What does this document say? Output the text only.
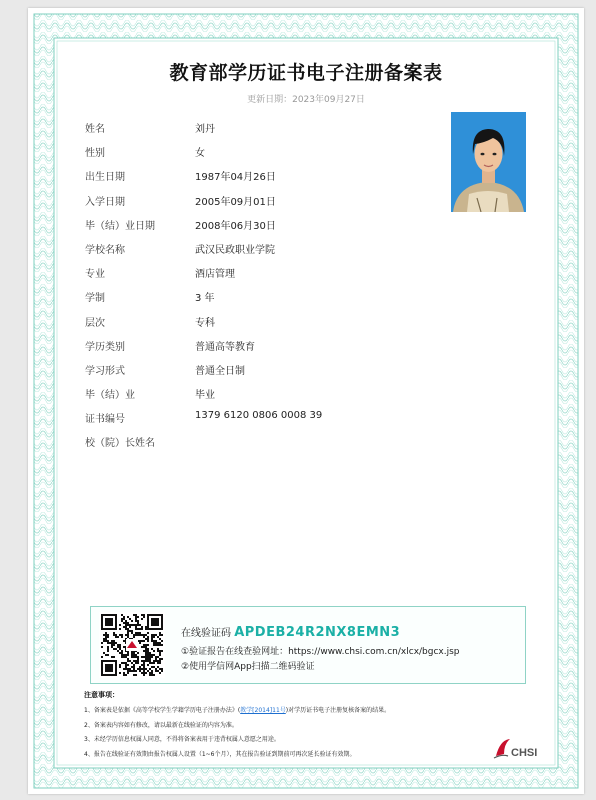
教育部学历证书电子注册备案表
更新日期：2023年09月27日
姓名	刘丹
性别	女
出生日期	1987年04月26日
入学日期	2005年09月01日
毕（结）业日期	2008年06月30日
学校名称	武汉民政职业学院
专业	酒店管理
学制	3 年
层次	专科
学历类别	普通高等教育
学习形式	普通全日制
毕（结）业	毕业
证书编号	1379 6120 0806 0008 39
校（院）长姓名
在线验证码 APDEB24R2NX8EMN3
①验证报告在线查验网址：https://www.chsi.com.cn/xlcx/bgcx.jsp
②使用学信网App扫描二维码验证
注意事项：
1、备案表是依据《高等学校学生学籍学历电子注册办法》(教学[2014]11号)对学历证书电子注册复核备案的结果。
2、备案表内容如有修改，请以最新在线验证的内容为准。
3、未经学历信息权属人同意，不得将备案表用于违背权属人意愿之用途。
4、报告在线验证有效期由报告权属人设置（1~6个月），其在报告验证到期前可再次延长验证有效期。	CHSI
